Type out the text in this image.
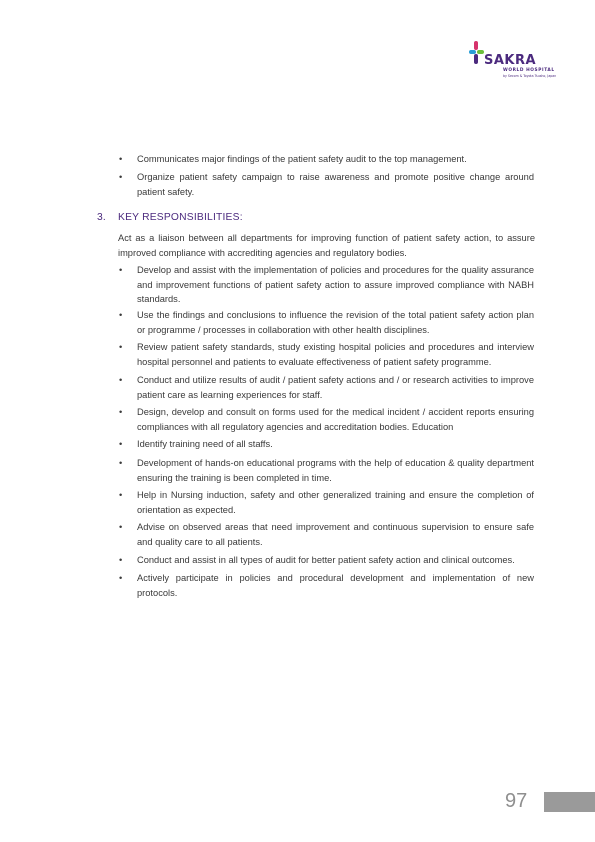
SAKRA
WORLD HOSPITAL
by Secom & Toyota Tsusho, Japan
• Communicates major findings of the patient safety audit to the top management.
• Organize patient safety campaign to raise awareness and promote positive change around patient safety.
3. KEY RESPONSIBILITIES:
Act as a liaison between all departments for improving function of patient safety action, to assure improved compliance with accrediting agencies and regulatory bodies.
• Develop and assist with the implementation of policies and procedures for the quality assurance and improvement functions of patient safety action to assure improved compliance with NABH standards.
• Use the findings and conclusions to influence the revision of the total patient safety action plan or programme / processes in collaboration with other health disciplines.
• Review patient safety standards, study existing hospital policies and procedures and interview hospital personnel and patients to evaluate effectiveness of patient safety programme.
• Conduct and utilize results of audit / patient safety actions and / or research activities to improve patient care as learning experiences for staff.
• Design, develop and consult on forms used for the medical incident / accident reports ensuring compliances with all regulatory agencies and accreditation bodies. Education
• Identify training need of all staffs.
• Development of hands-on educational programs with the help of education & quality department ensuring the training is been completed in time.
• Help in Nursing induction, safety and other generalized training and ensure the completion of orientation as expected.
• Advise on observed areas that need improvement and continuous supervision to ensure safe and quality care to all patients.
• Conduct and assist in all types of audit for better patient safety action and clinical outcomes.
• Actively participate in policies and procedural development and implementation of new protocols.
97
